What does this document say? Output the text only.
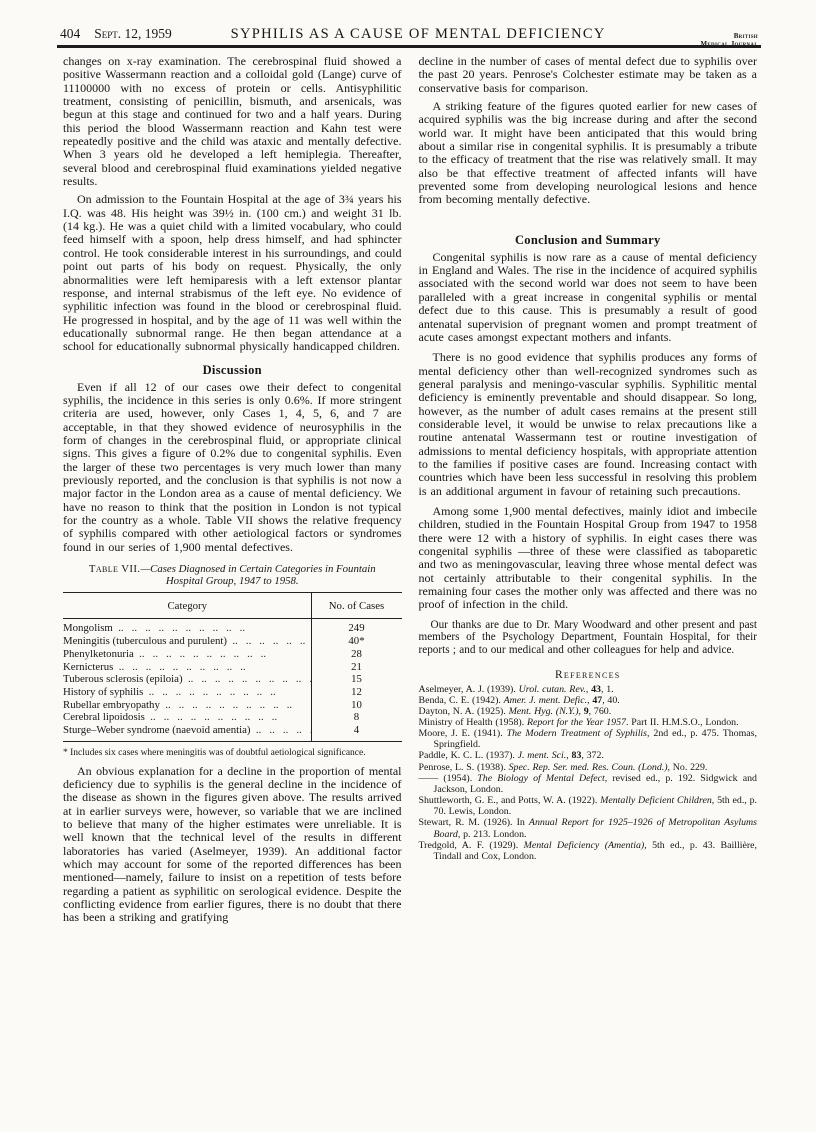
404 Sept. 12, 1959	SYPHILIS AS A CAUSE OF MENTAL DEFICIENCY	British

changes on x-ray examination. The cerebrospinal fluid showed a positive Wassermann reaction and a colloidal gold (Lange) curve of 11100000 with no excess of protein or cells. Antisyphilitic treatment, consisting of penicillin, bismuth, and arsenicals, was begun at this stage and continued for two and a half years. During this period the blood Wassermann reaction and Kahn test were repeatedly positive and the child was ataxic and mentally defective. When 3 years old he developed a left hemiplegia. Thereafter, several blood and cerebrospinal fluid examinations yielded negative results.

On admission to the Fountain Hospital at the age of 3¾ years his I.Q. was 48. His height was 39½ in. (100 cm.) and weight 31 lb. (14 kg.). He was a quiet child with a limited vocabulary, who could feed himself with a spoon, help dress himself, and had sphincter control. He took considerable interest in his surroundings, and could point out parts of his body on request. Physically, the only abnormalities were left hemiparesis with a left extensor plantar response, and internal strabismus of the left eye. No evidence of syphilitic infection was found in the blood or cerebrospinal fluid. He progressed in hospital, and by the age of 11 was well within the educationally subnormal range. He then began attendance at a school for educationally subnormal physically handicapped children.

Discussion

Even if all 12 of our cases owe their defect to congenital syphilis, the incidence in this series is only 0.6%. If more stringent criteria are used, however, only Cases 1, 4, 5, 6, and 7 are acceptable, in that they showed evidence of neurosyphilis in the form of changes in the cerebrospinal fluid, or appropriate clinical signs. This gives a figure of 0.2% due to congenital syphilis. Even the larger of these two percentages is very much lower than many previously reported, and the conclusion is that syphilis is not now a major factor in the London area as a cause of mental deficiency. We have no reason to think that the position in London is not typical for the country as a whole. Table VII shows the relative frequency of syphilis compared with other aetiological factors or syndromes found in our series of 1,900 mental defectives.

Table VII.—Cases Diagnosed in Certain Categories in Fountain Hospital Group, 1947 to 1958.
Category	No. of Cases
Mongolism ..	249
Meningitis (tuberculous and purulent) ..	40*
Phenylketonuria ..	28
Kernicterus ..	21
Tuberous sclerosis (epiloia) ..	15
History of syphilis ..	12
Rubellar embryopathy ..	10
Cerebral lipoidosis ..	8
Sturge–Weber syndrome (naevoid amentia) ..	4
* Includes six cases where meningitis was of doubtful aetiological significance.

An obvious explanation for a decline in the proportion of mental deficiency due to syphilis is the general decline in the incidence of the disease as shown in the figures given above. The results arrived at in earlier surveys were, however, so variable that we are inclined to believe that many of the higher estimates were unreliable. It is well known that the technical level of the results in different laboratories has varied (Aselmeyer, 1939). An additional factor which may account for some of the reported differences has been mentioned—namely, failure to insist on a repetition of tests before regarding a patient as syphilitic on serological evidence. Despite the conflicting evidence from earlier figures, there is no doubt that there has been a striking and gratifying

decline in the number of cases of mental defect due to syphilis over the past 20 years. Penrose's Colchester estimate may be taken as a conservative basis for comparison.

A striking feature of the figures quoted earlier for new cases of acquired syphilis was the big increase during and after the second world war. It might have been anticipated that this would bring about a similar rise in congenital syphilis. It is presumably a tribute to the efficacy of treatment that the rise was relatively small. It may also be that effective treatment of affected infants will have prevented some from developing neurological lesions and hence from becoming mentally defective.

Conclusion and Summary

Congenital syphilis is now rare as a cause of mental deficiency in England and Wales. The rise in the incidence of acquired syphilis associated with the second world war does not seem to have been paralleled with a great increase in congenital syphilis or mental defect due to this cause. This is presumably a result of good antenatal supervision of pregnant women and prompt treatment of acute cases amongst expectant mothers and infants.

There is no good evidence that syphilis produces any forms of mental deficiency other than well-recognized syndromes such as general paralysis and meningo-vascular syphilis. Syphilitic mental deficiency is eminently preventable and should disappear. So long, however, as the number of adult cases remains at the present still considerable level, it would be unwise to relax precautions like a routine antenatal Wassermann test or routine investigation of admissions to mental deficiency hospitals, with appropriate attention to the families if positive cases are found. Increasing contact with countries which have been less successful in resolving this problem is an additional argument in favour of retaining such precautions.

Among some 1,900 mental defectives, mainly idiot and imbecile children, studied in the Fountain Hospital Group from 1947 to 1958 there were 12 with a history of syphilis. In eight cases there was congenital syphilis —three of these were classified as taboparetic and two as meningovascular, leaving three whose mental defect was not certainly attributable to their congenital syphilis. In the remaining four cases the mother only was affected and there was no proof of infection in the child.

Our thanks are due to Dr. Mary Woodward and other present and past members of the Psychology Department, Fountain Hospital, for their reports ; and to our medical and other colleagues for help and advice.

References
Aselmeyer, A. J. (1939). Urol. cutan. Rev., 43, 1.
Benda, C. E. (1942). Amer. J. ment. Defic., 47, 40.
Dayton, N. A. (1925). Ment. Hyg. (N.Y.), 9, 760.
Ministry of Health (1958). Report for the Year 1957. Part II. H.M.S.O., London.
Moore, J. E. (1941). The Modern Treatment of Syphilis, 2nd ed., p. 475. Thomas, Springfield.
Paddle, K. C. L. (1937). J. ment. Sci., 83, 372.
Penrose, L. S. (1938). Spec. Rep. Ser. med. Res. Coun. (Lond.), No. 229.
—— (1954). The Biology of Mental Defect, revised ed., p. 192. Sidgwick and Jackson, London.
Shuttleworth, G. E., and Potts, W. A. (1922). Mentally Deficient Children, 5th ed., p. 70. Lewis, London.
Stewart, R. M. (1926). In Annual Report for 1925–1926 of Metropolitan Asylums Board, p. 213. London.
Tredgold, A. F. (1929). Mental Deficiency (Amentia), 5th ed., p. 43. Baillière, Tindall and Cox, London.
